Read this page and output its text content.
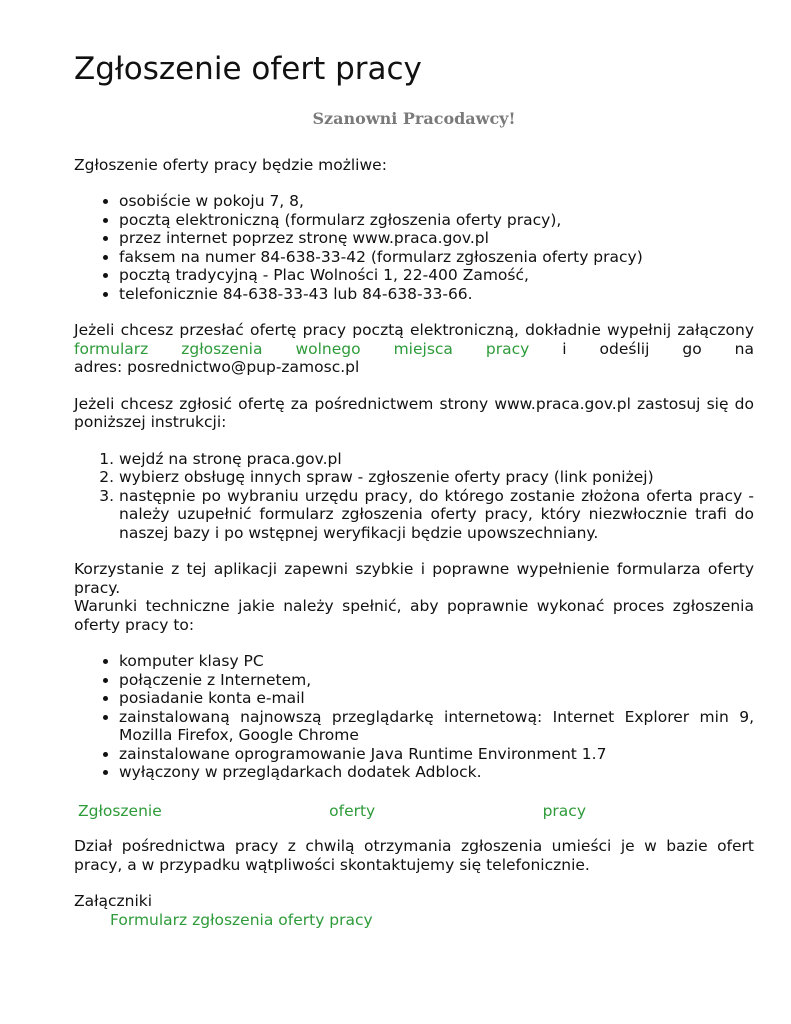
Zgłoszenie ofert pracy

Szanowni Pracodawcy!

Zgłoszenie oferty pracy będzie możliwe:

• osobiście w pokoju 7, 8,
• pocztą elektroniczną (formularz zgłoszenia oferty pracy),
• przez internet poprzez stronę www.praca.gov.pl
• faksem na numer 84-638-33-42 (formularz zgłoszenia oferty pracy)
• pocztą tradycyjną - Plac Wolności 1, 22-400 Zamość,
• telefonicznie 84-638-33-43 lub 84-638-33-66.

Jeżeli chcesz przesłać ofertę pracy pocztą elektroniczną, dokładnie wypełnij załączony

formularz zgłoszenia wolnego miejsca pracy i odeślij go na

adres: posrednictwo@pup-zamosc.pl

Jeżeli chcesz zgłosić ofertę za pośrednictwem strony www.praca.gov.pl zastosuj się do poniższej instrukcji:

1. wejdź na stronę praca.gov.pl
2. wybierz obsługę innych spraw - zgłoszenie oferty pracy (link poniżej)
3. następnie po wybraniu urzędu pracy, do którego zostanie złożona oferta pracy - należy uzupełnić formularz zgłoszenia oferty pracy, który niezwłocznie trafi do naszej bazy i po wstępnej weryfikacji będzie upowszechniany.

Korzystanie z tej aplikacji zapewni szybkie i poprawne wypełnienie formularza oferty pracy.

Warunki techniczne jakie należy spełnić, aby poprawnie wykonać proces zgłoszenia oferty pracy to:

• komputer klasy PC
• połączenie z Internetem,
• posiadanie konta e-mail
• zainstalowaną najnowszą przeglądarkę internetową: Internet Explorer min 9, Mozilla Firefox, Google Chrome
• zainstalowane oprogramowanie Java Runtime Environment 1.7
• wyłączony w przeglądarkach dodatek Adblock.
Zgłoszenie	oferty	pracy

Dział pośrednictwa pracy z chwilą otrzymania zgłoszenia umieści je w bazie ofert pracy, a w przypadku wątpliwości skontaktujemy się telefonicznie.

Załączniki

Formularz zgłoszenia oferty pracy
